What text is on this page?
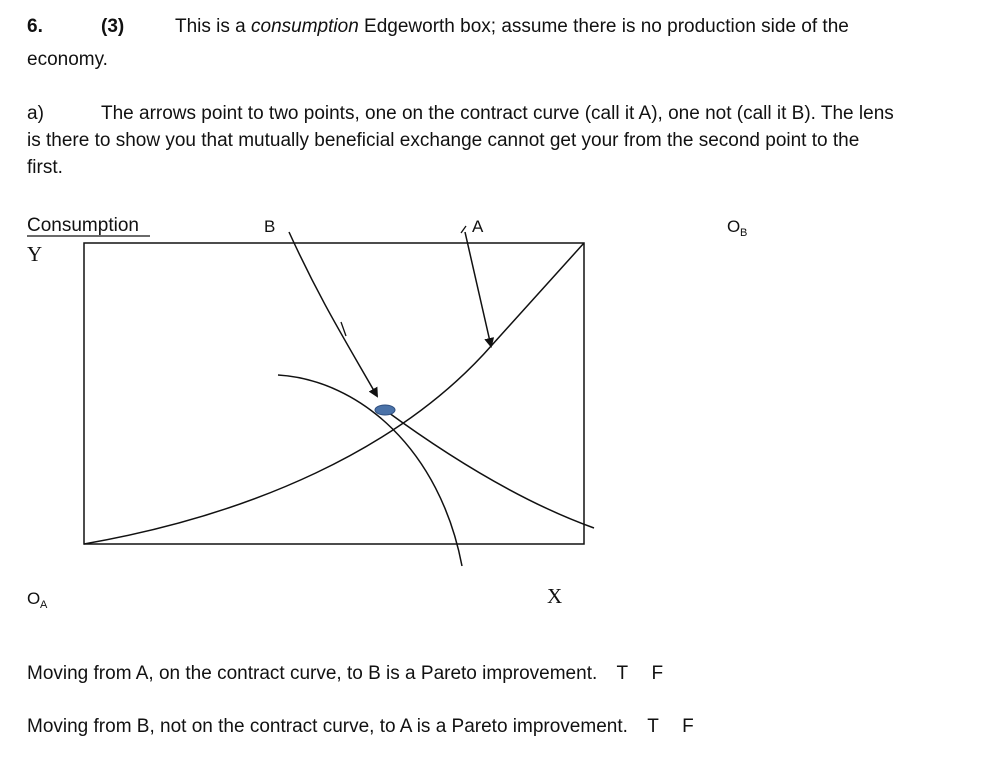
6.	(3)	This is a consumption Edgeworth box; assume there is no production side of the
economy.
a)	The arrows point to two points, one on the contract curve (call it A), one not (call it B). The lens
is there to show you that mutually beneficial exchange cannot get your from the second point to the
first.
Consumption
Y
B	A	O B
O A	X
Moving from A, on the contract curve, to B is a Pareto improvement. T F
Moving from B, not on the contract curve, to A is a Pareto improvement. T F
